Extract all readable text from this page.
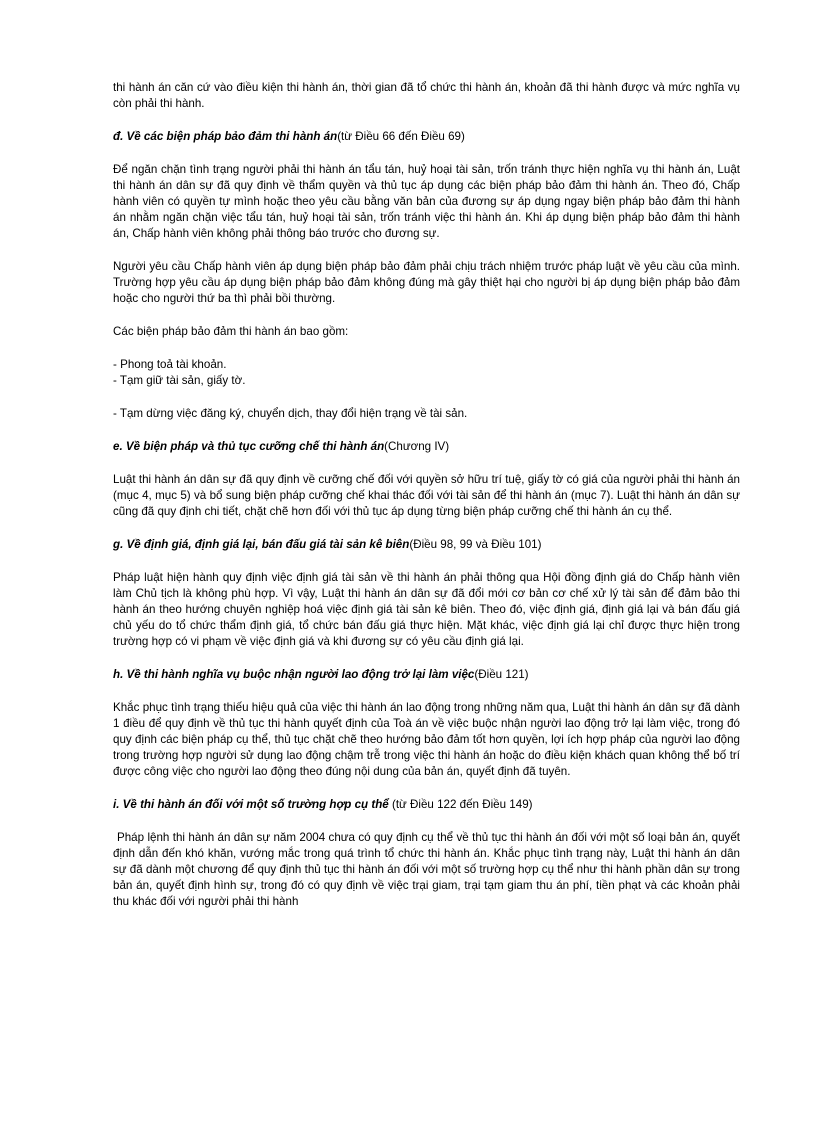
thi hành án căn cứ vào điều kiện thi hành án, thời gian đã tổ chức thi hành án, khoản đã thi hành được và mức nghĩa vụ còn phải thi hành.

đ. Về các biện pháp bảo đảm thi hành án(từ Điều 66 đến Điều 69)

Để ngăn chặn tình trạng người phải thi hành án tẩu tán, huỷ hoại tài sản, trốn tránh thực hiện nghĩa vụ thi hành án, Luật thi hành án dân sự đã quy định về thẩm quyền và thủ tục áp dụng các biện pháp bảo đảm thi hành án. Theo đó, Chấp hành viên có quyền tự mình hoặc theo yêu cầu bằng văn bản của đương sự áp dụng ngay biện pháp bảo đảm thi hành án nhằm ngăn chặn việc tẩu tán, huỷ hoại tài sản, trốn tránh việc thi hành án. Khi áp dụng biện pháp bảo đảm thi hành án, Chấp hành viên không phải thông báo trước cho đương sự.

Người yêu cầu Chấp hành viên áp dụng biện pháp bảo đảm phải chịu trách nhiệm trước pháp luật về yêu cầu của mình. Trường hợp yêu cầu áp dụng biện pháp bảo đảm không đúng mà gây thiệt hại cho người bị áp dụng biện pháp bảo đảm hoặc cho người thứ ba thì phải bồi thường.

Các biện pháp bảo đảm thi hành án bao gồm:

- Phong toả tài khoản.
- Tạm giữ tài sản, giấy tờ.
- Tạm dừng việc đăng ký, chuyển dịch, thay đổi hiện trạng về tài sản.
e. Về biện pháp và thủ tục cưỡng chế thi hành án(Chương IV)

Luật thi hành án dân sự đã quy định về cưỡng chế đối với quyền sở hữu trí tuệ, giấy tờ có giá của người phải thi hành án (mục 4, mục 5) và bổ sung biện pháp cưỡng chế khai thác đối với tài sản để thi hành án (mục 7). Luật thi hành án dân sự cũng đã quy định chi tiết, chặt chẽ hơn đối với thủ tục áp dụng từng biện pháp cưỡng chế thi hành án cụ thể.

g. Về định giá, định giá lại, bán đấu giá tài sản kê biên(Điều 98, 99 và Điều 101)

Pháp luật hiện hành quy định việc định giá tài sản về thi hành án phải thông qua Hội đồng định giá do Chấp hành viên làm Chủ tịch là không phù hợp. Vì vậy, Luật thi hành án dân sự đã đổi mới cơ bản cơ chế xử lý tài sản để đảm bảo thi hành án theo hướng chuyên nghiệp hoá việc định giá tài sản kê biên. Theo đó, việc định giá, định giá lại và bán đấu giá chủ yếu do tổ chức thẩm định giá, tổ chức bán đấu giá thực hiện. Mặt khác, việc định giá lại chỉ được thực hiện trong trường hợp có vi phạm về việc định giá và khi đương sự có yêu cầu định giá lại.

h. Về thi hành nghĩa vụ buộc nhận người lao động trở lại làm việc(Điều 121)

Khắc phục tình trạng thiếu hiệu quả của việc thi hành án lao động trong những năm qua, Luật thi hành án dân sự đã dành 1 điều để quy định về thủ tục thi hành quyết định của Toà án về việc buộc nhận người lao động trở lại làm việc, trong đó quy định các biện pháp cụ thể, thủ tục chặt chẽ theo hướng bảo đảm tốt hơn quyền, lợi ích hợp pháp của người lao động trong trường hợp người sử dụng lao động chậm trễ trong việc thi hành án hoặc do điều kiện khách quan không thể bố trí được công việc cho người lao động theo đúng nội dung của bản án, quyết định đã tuyên.

i. Về thi hành án đối với một số trường hợp cụ thể (từ Điều 122 đến Điều 149)

Pháp lệnh thi hành án dân sự năm 2004 chưa có quy định cụ thể về thủ tục thi hành án đối với một số loại bản án, quyết định dẫn đến khó khăn, vướng mắc trong quá trình tổ chức thi hành án. Khắc phục tình trạng này, Luật thi hành án dân sự đã dành một chương để quy định thủ tục thi hành án đối với một số trường hợp cụ thể như thi hành phần dân sự trong bản án, quyết định hình sự, trong đó có quy định về việc trại giam, trại tạm giam thu án phí, tiền phạt và các khoản phải thu khác đối với người phải thi hành
